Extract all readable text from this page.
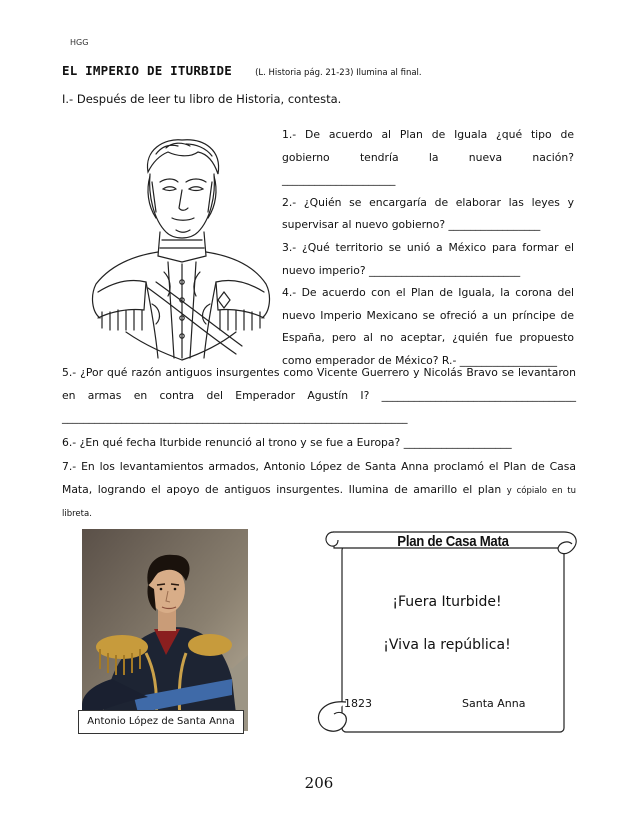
HGG
EL IMPERIO DE ITURBIDE	(L. Historia pág. 21-23) Ilumina al final.
I.- Después de leer tu libro de Historia, contesta.

1.- De acuerdo al Plan de Iguala ¿qué tipo de gobierno tendría la nueva nación? _____________________

2.- ¿Quién se encargaría de elaborar las leyes y supervisar al nuevo gobierno? _________________

3.- ¿Qué territorio se unió a México para formar el nuevo imperio? ____________________________

4.- De acuerdo con el Plan de Iguala, la corona del nuevo Imperio Mexicano se ofreció a un príncipe de España, pero al no aceptar, ¿quién fue propuesto como emperador de México? R.- __________________

5.- ¿Por qué razón antiguos insurgentes como Vicente Guerrero y Nicolás Bravo se levantaron en armas en contra del Emperador Agustín I? ____________________________________ ________________________________________________________________

6.- ¿En qué fecha Iturbide renunció al trono y se fue a Europa? ____________________

7.- En los levantamientos armados, Antonio López de Santa Anna proclamó el Plan de Casa Mata, logrando el apoyo de antiguos insurgentes. Ilumina de amarillo el plan y cópialo en tu libreta.

Antonio López de Santa Anna
Plan de Casa Mata
¡Fuera Iturbide!
¡Viva la república!
1823	Santa Anna
206
